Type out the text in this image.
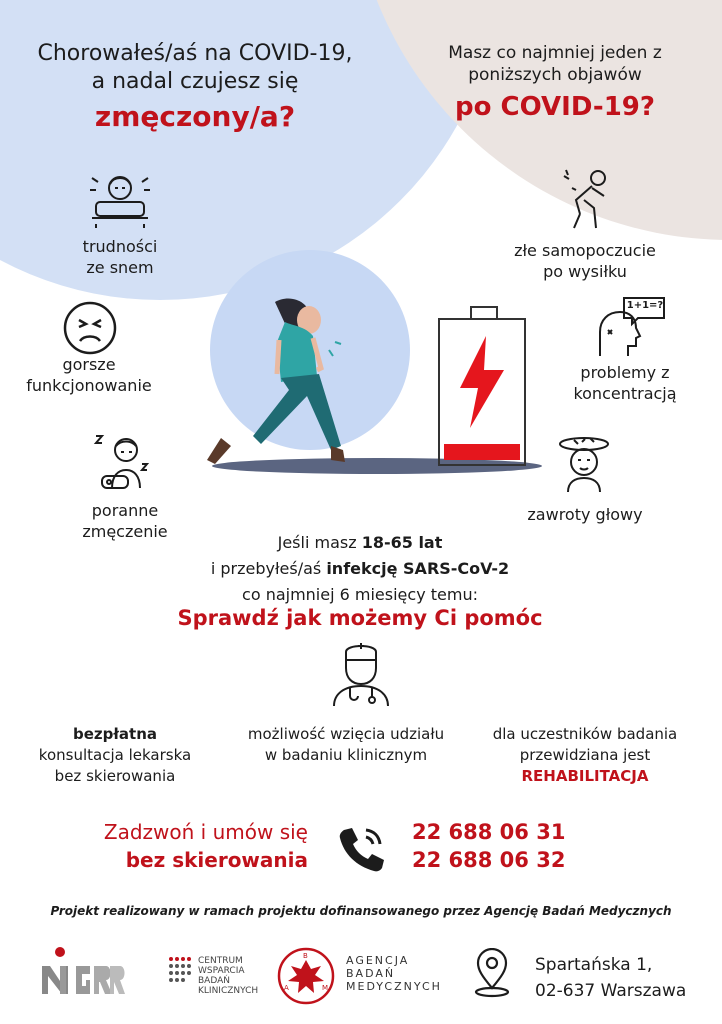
Chorowałeś/aś na COVID-19,
a nadal czujesz się
zmęczony/a?
Masz co najmniej jeden z
poniższych objawów
po COVID-19?
trudności
ze snem
gorsze
funkcjonowanie
poranne
zmęczenie
złe samopoczucie
po wysiłku
1+1=?
problemy z
koncentracją
zawroty głowy
Jeśli masz 18-65 lat
i przebyłeś/aś infekcję SARS-CoV-2
co najmniej 6 miesięcy temu:
Sprawdź jak możemy Ci pomóc
bezpłatna
konsultacja lekarska
bez skierowania
możliwość wzięcia udziału
w badaniu klinicznym
dla uczestników badania
przewidziana jest
REHABILITACJA
Zadzwoń i umów się
bez skierowania
22 688 06 31
22 688 06 32
Projekt realizowany w ramach projektu dofinansowanego przez Agencję Badań Medycznych
CENTRUM
WSPARCIA
BADAŃ
KLINICZNYCH
B
A	M
AGENCJA
BADAŃ
MEDYCZNYCH
Spartańska 1,
02-637 Warszawa
